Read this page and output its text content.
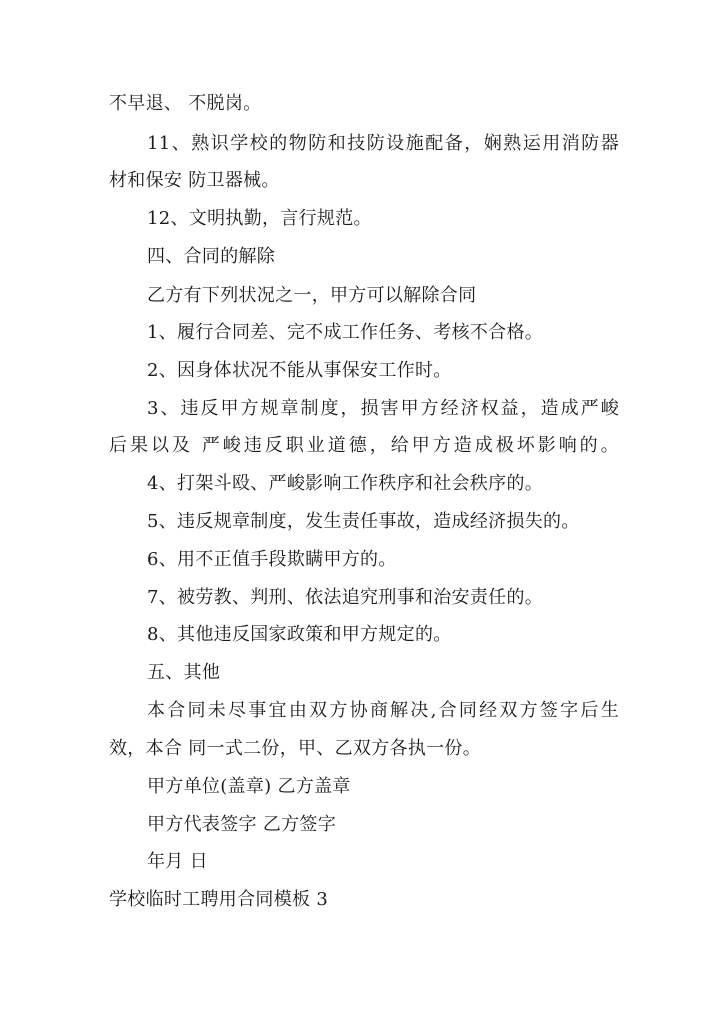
不早退、 不脱岗。
11、熟识学校的物防和技防设施配备，娴熟运用消防器
材和保安 防卫器械。
12、文明执勤，言行规范。
四、合同的解除
乙方有下列状况之一，甲方可以解除合同
1、履行合同差、完不成工作任务、考核不合格。
2、因身体状况不能从事保安工作时。
3、违反甲方规章制度，损害甲方经济权益，造成严峻
后果以及 严峻违反职业道德，给甲方造成极坏影响的。
4、打架斗殴、严峻影响工作秩序和社会秩序的。
5、违反规章制度，发生责任事故，造成经济损失的。
6、用不正值手段欺瞒甲方的。
7、被劳教、判刑、依法追究刑事和治安责任的。
8、其他违反国家政策和甲方规定的。
五、其他
本合同未尽事宜由双方协商解决,合同经双方签字后生
效，本合 同一式二份，甲、乙双方各执一份。
甲方单位(盖章) 乙方盖章
甲方代表签字 乙方签字
年月 日
学校临时工聘用合同模板 3
